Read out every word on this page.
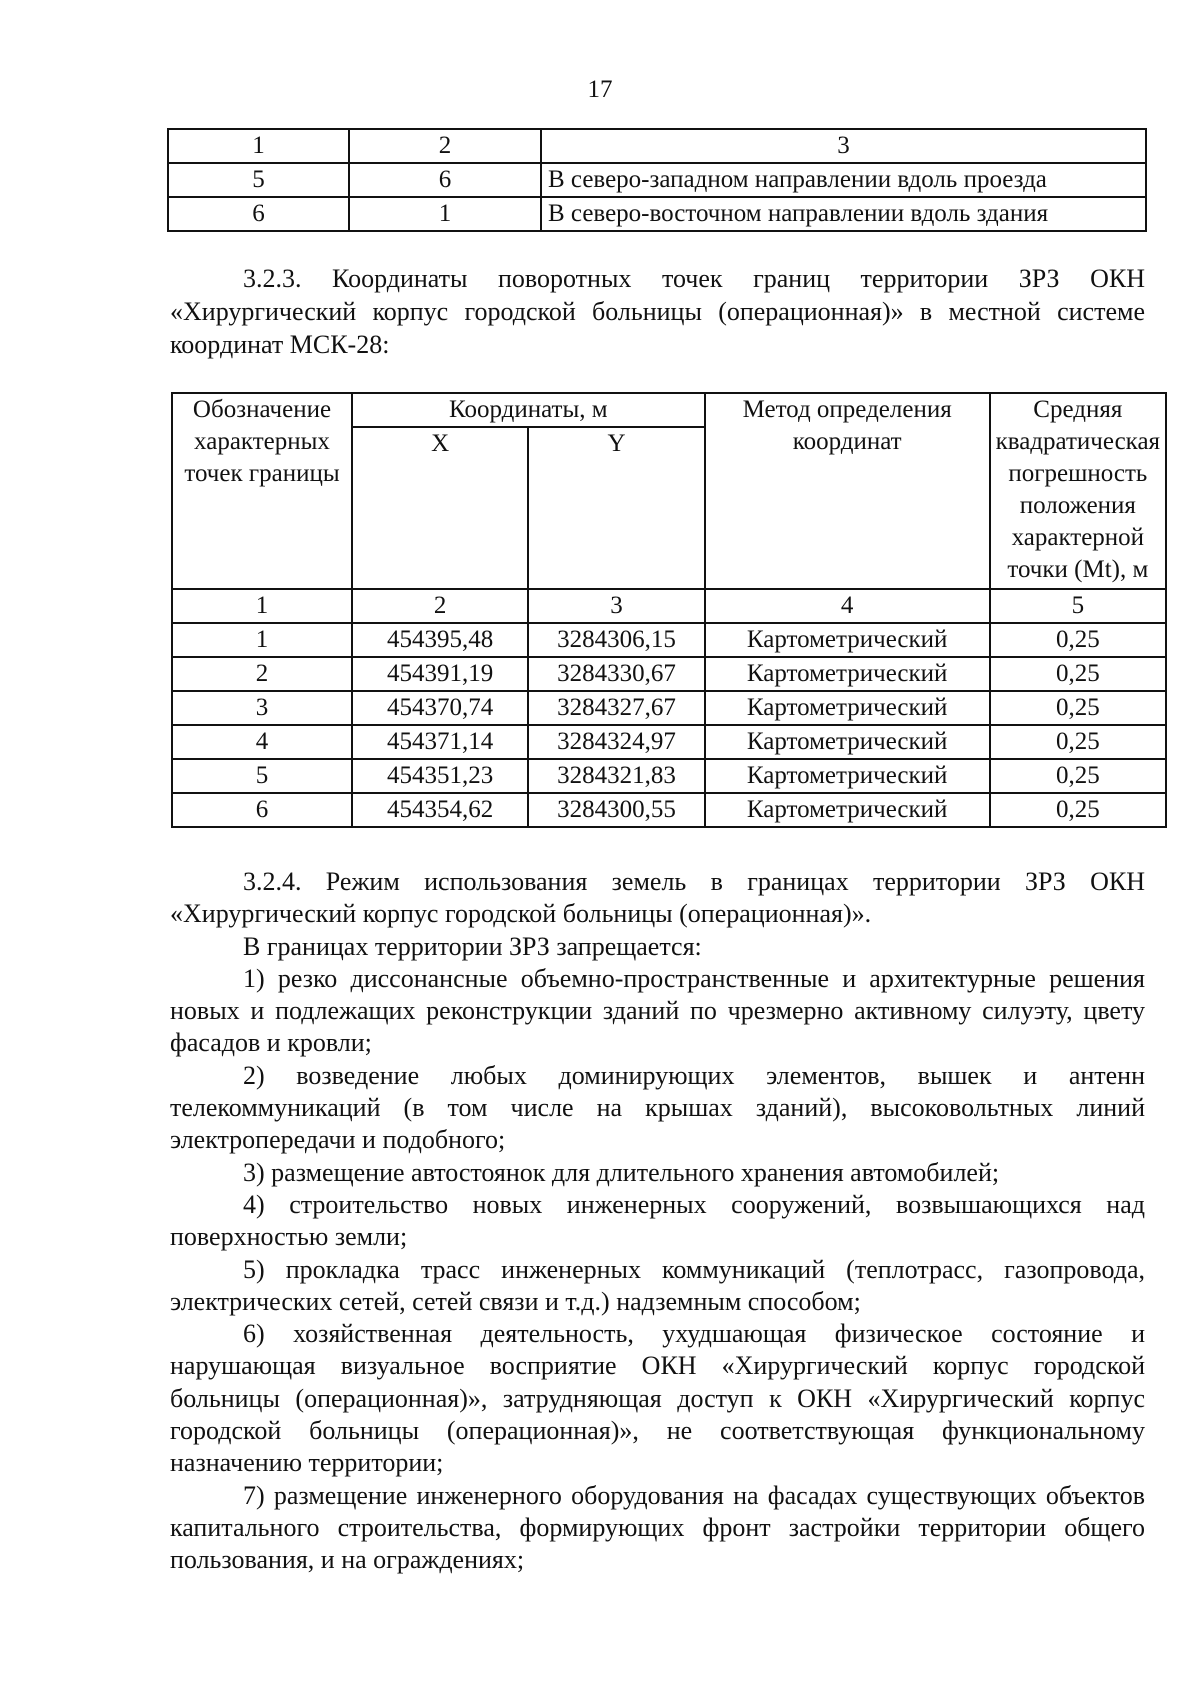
17
1	2	3
5	6	В северо-западном направлении вдоль проезда
6	1	В северо-восточном направлении вдоль здания
3.2.3. Координаты поворотных точек границ территории ЗРЗ ОКН «Хирургический корпус городской больницы (операционная)» в местной системе координат МСК-28:
Обозначение характерных точек границы	Координаты, м		Метод определения координат	Средняя квадратическая погрешность положения характерной точки (Mt), м
	X	Y		
1	2	3	4	5
1	454395,48	3284306,15	Картометрический	0,25
2	454391,19	3284330,67	Картометрический	0,25
3	454370,74	3284327,67	Картометрический	0,25
4	454371,14	3284324,97	Картометрический	0,25
5	454351,23	3284321,83	Картометрический	0,25
6	454354,62	3284300,55	Картометрический	0,25

3.2.4. Режим использования земель в границах территории ЗРЗ ОКН «Хирургический корпус городской больницы (операционная)».

В границах территории ЗРЗ запрещается:

1) резко диссонансные объемно-пространственные и архитектурные решения новых и подлежащих реконструкции зданий по чрезмерно активному силуэту, цвету фасадов и кровли;

2) возведение любых доминирующих элементов, вышек и антенн телекоммуникаций (в том числе на крышах зданий), высоковольтных линий электропередачи и подобного;

3) размещение автостоянок для длительного хранения автомобилей;

4) строительство новых инженерных сооружений, возвышающихся над поверхностью земли;

5) прокладка трасс инженерных коммуникаций (теплотрасс, газопровода, электрических сетей, сетей связи и т.д.) надземным способом;

6) хозяйственная деятельность, ухудшающая физическое состояние и нарушающая визуальное восприятие ОКН «Хирургический корпус городской больницы (операционная)», затрудняющая доступ к ОКН «Хирургический корпус городской больницы (операционная)», не соответствующая функциональному назначению территории;

7) размещение инженерного оборудования на фасадах существующих объектов капитального строительства, формирующих фронт застройки территории общего пользования, и на ограждениях;
